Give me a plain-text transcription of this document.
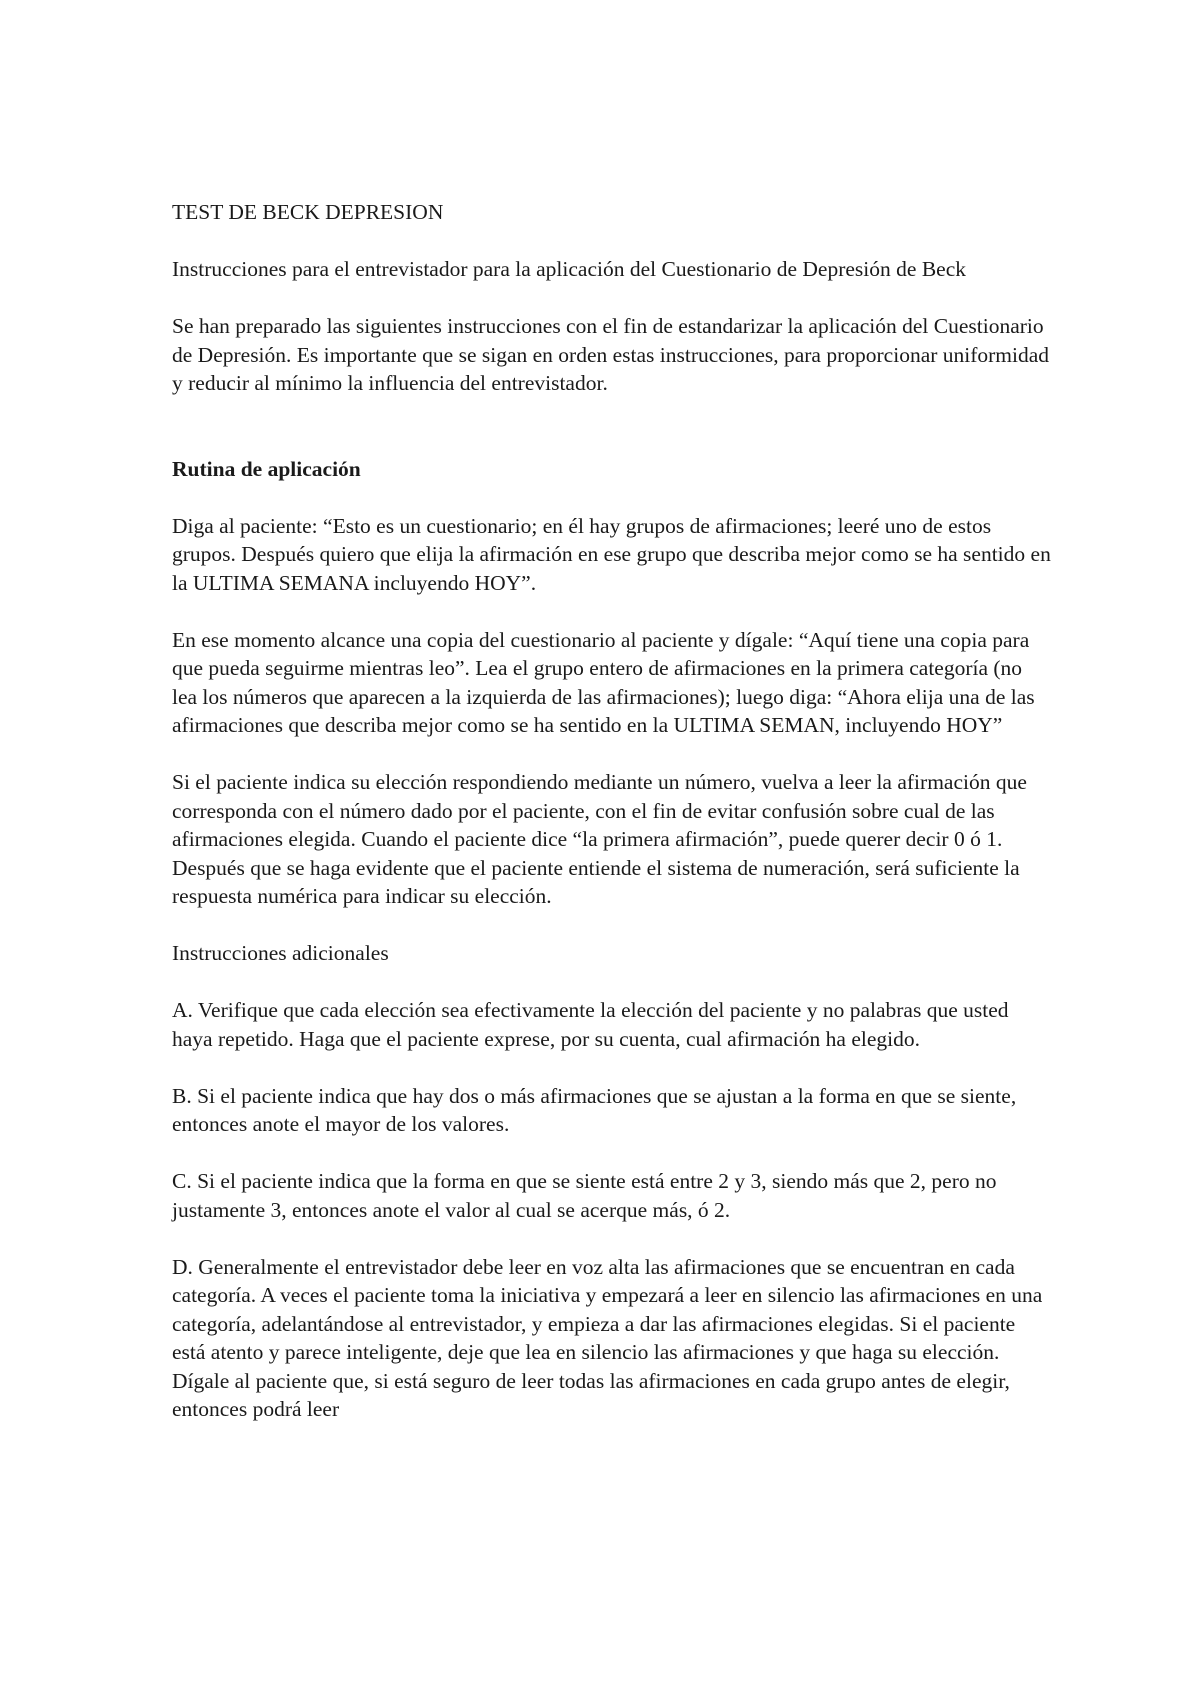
TEST DE BECK DEPRESION

Instrucciones para el entrevistador para la aplicación del Cuestionario de Depresión de Beck

Se han preparado las siguientes instrucciones con el fin de estandarizar la aplicación del Cuestionario de Depresión. Es importante que se sigan en orden estas instrucciones, para proporcionar uniformidad y reducir al mínimo la influencia del entrevistador.

Rutina de aplicación

Diga al paciente: “Esto es un cuestionario; en él hay grupos de afirmaciones; leeré uno de estos grupos. Después quiero que elija la afirmación en ese grupo que describa mejor como se ha sentido en la ULTIMA SEMANA incluyendo HOY”.

En ese momento alcance una copia del cuestionario al paciente y dígale: “Aquí tiene una copia para que pueda seguirme mientras leo”. Lea el grupo entero de afirmaciones en la primera categoría (no lea los números que aparecen a la izquierda de las afirmaciones); luego diga: “Ahora elija una de las afirmaciones que describa mejor como se ha sentido en la ULTIMA SEMAN, incluyendo HOY”

Si el paciente indica su elección respondiendo mediante un número, vuelva a leer la afirmación que corresponda con el número dado por el paciente, con el fin de evitar confusión sobre cual de las afirmaciones elegida. Cuando el paciente dice “la primera afirmación”, puede querer decir 0 ó 1. Después que se haga evidente que el paciente entiende el sistema de numeración, será suficiente la respuesta numérica para indicar su elección.

Instrucciones adicionales

A. Verifique que cada elección sea efectivamente la elección del paciente y no palabras que usted haya repetido. Haga que el paciente exprese, por su cuenta, cual afirmación ha elegido.

B. Si el paciente indica que hay dos o más afirmaciones que se ajustan a la forma en que se siente, entonces anote el mayor de los valores.

C. Si el paciente indica que la forma en que se siente está entre 2 y 3, siendo más que 2, pero no justamente 3, entonces anote el valor al cual se acerque más, ó 2.

D. Generalmente el entrevistador debe leer en voz alta las afirmaciones que se encuentran en cada categoría. A veces el paciente toma la iniciativa y empezará a leer en silencio las afirmaciones en una categoría, adelantándose al entrevistador, y empieza a dar las afirmaciones elegidas. Si el paciente está atento y parece inteligente, deje que lea en silencio las afirmaciones y que haga su elección. Dígale al paciente que, si está seguro de leer todas las afirmaciones en cada grupo antes de elegir, entonces podrá leer
